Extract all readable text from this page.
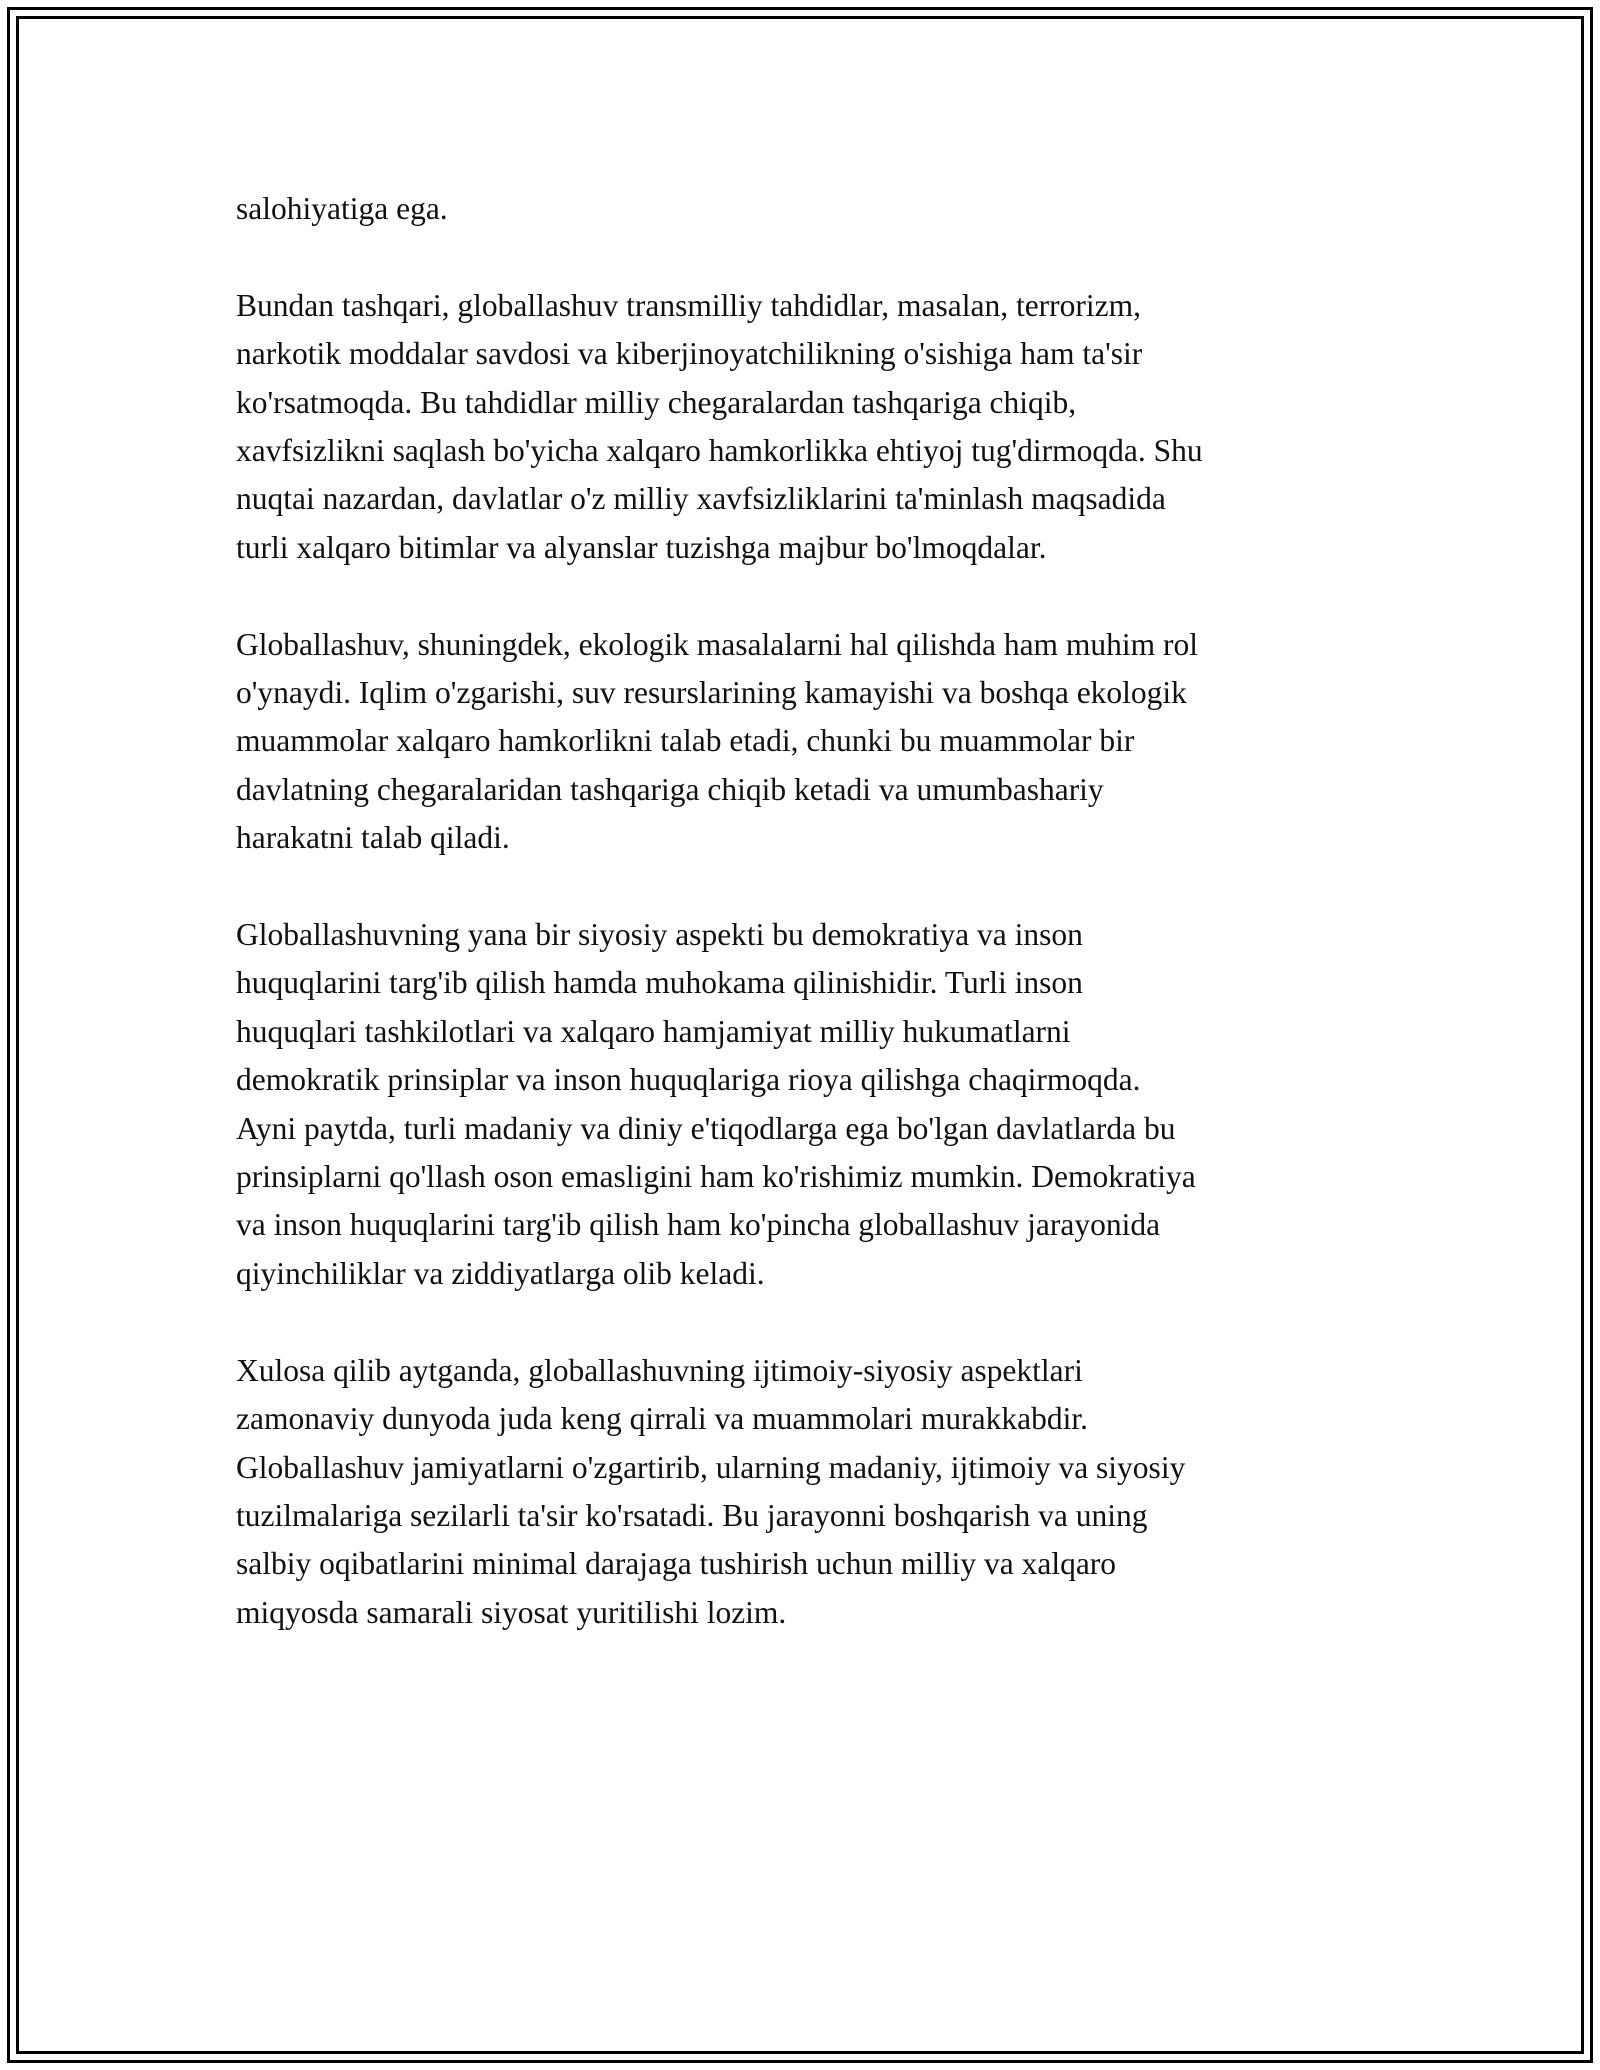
salohiyatiga ega.

Bundan tashqari, globallashuv transmilliy tahdidlar, masalan, terrorizm,
narkotik moddalar savdosi va kiberjinoyatchilikning o'sishiga ham ta'sir
ko'rsatmoqda. Bu tahdidlar milliy chegaralardan tashqariga chiqib,
xavfsizlikni saqlash bo'yicha xalqaro hamkorlikka ehtiyoj tug'dirmoqda. Shu
nuqtai nazardan, davlatlar o'z milliy xavfsizliklarini ta'minlash maqsadida
turli xalqaro bitimlar va alyanslar tuzishga majbur bo'lmoqdalar.

Globallashuv, shuningdek, ekologik masalalarni hal qilishda ham muhim rol
o'ynaydi. Iqlim o'zgarishi, suv resurslarining kamayishi va boshqa ekologik
muammolar xalqaro hamkorlikni talab etadi, chunki bu muammolar bir
davlatning chegaralaridan tashqariga chiqib ketadi va umumbashariy
harakatni talab qiladi.

Globallashuvning yana bir siyosiy aspekti bu demokratiya va inson
huquqlarini targ'ib qilish hamda muhokama qilinishidir. Turli inson
huquqlari tashkilotlari va xalqaro hamjamiyat milliy hukumatlarni
demokratik prinsiplar va inson huquqlariga rioya qilishga chaqirmoqda.
Ayni paytda, turli madaniy va diniy e'tiqodlarga ega bo'lgan davlatlarda bu
prinsiplarni qo'llash oson emasligini ham ko'rishimiz mumkin. Demokratiya
va inson huquqlarini targ'ib qilish ham ko'pincha globallashuv jarayonida
qiyinchiliklar va ziddiyatlarga olib keladi.

Xulosa qilib aytganda, globallashuvning ijtimoiy-siyosiy aspektlari
zamonaviy dunyoda juda keng qirrali va muammolari murakkabdir.
Globallashuv jamiyatlarni o'zgartirib, ularning madaniy, ijtimoiy va siyosiy
tuzilmalariga sezilarli ta'sir ko'rsatadi. Bu jarayonni boshqarish va uning
salbiy oqibatlarini minimal darajaga tushirish uchun milliy va xalqaro
miqyosda samarali siyosat yuritilishi lozim.
